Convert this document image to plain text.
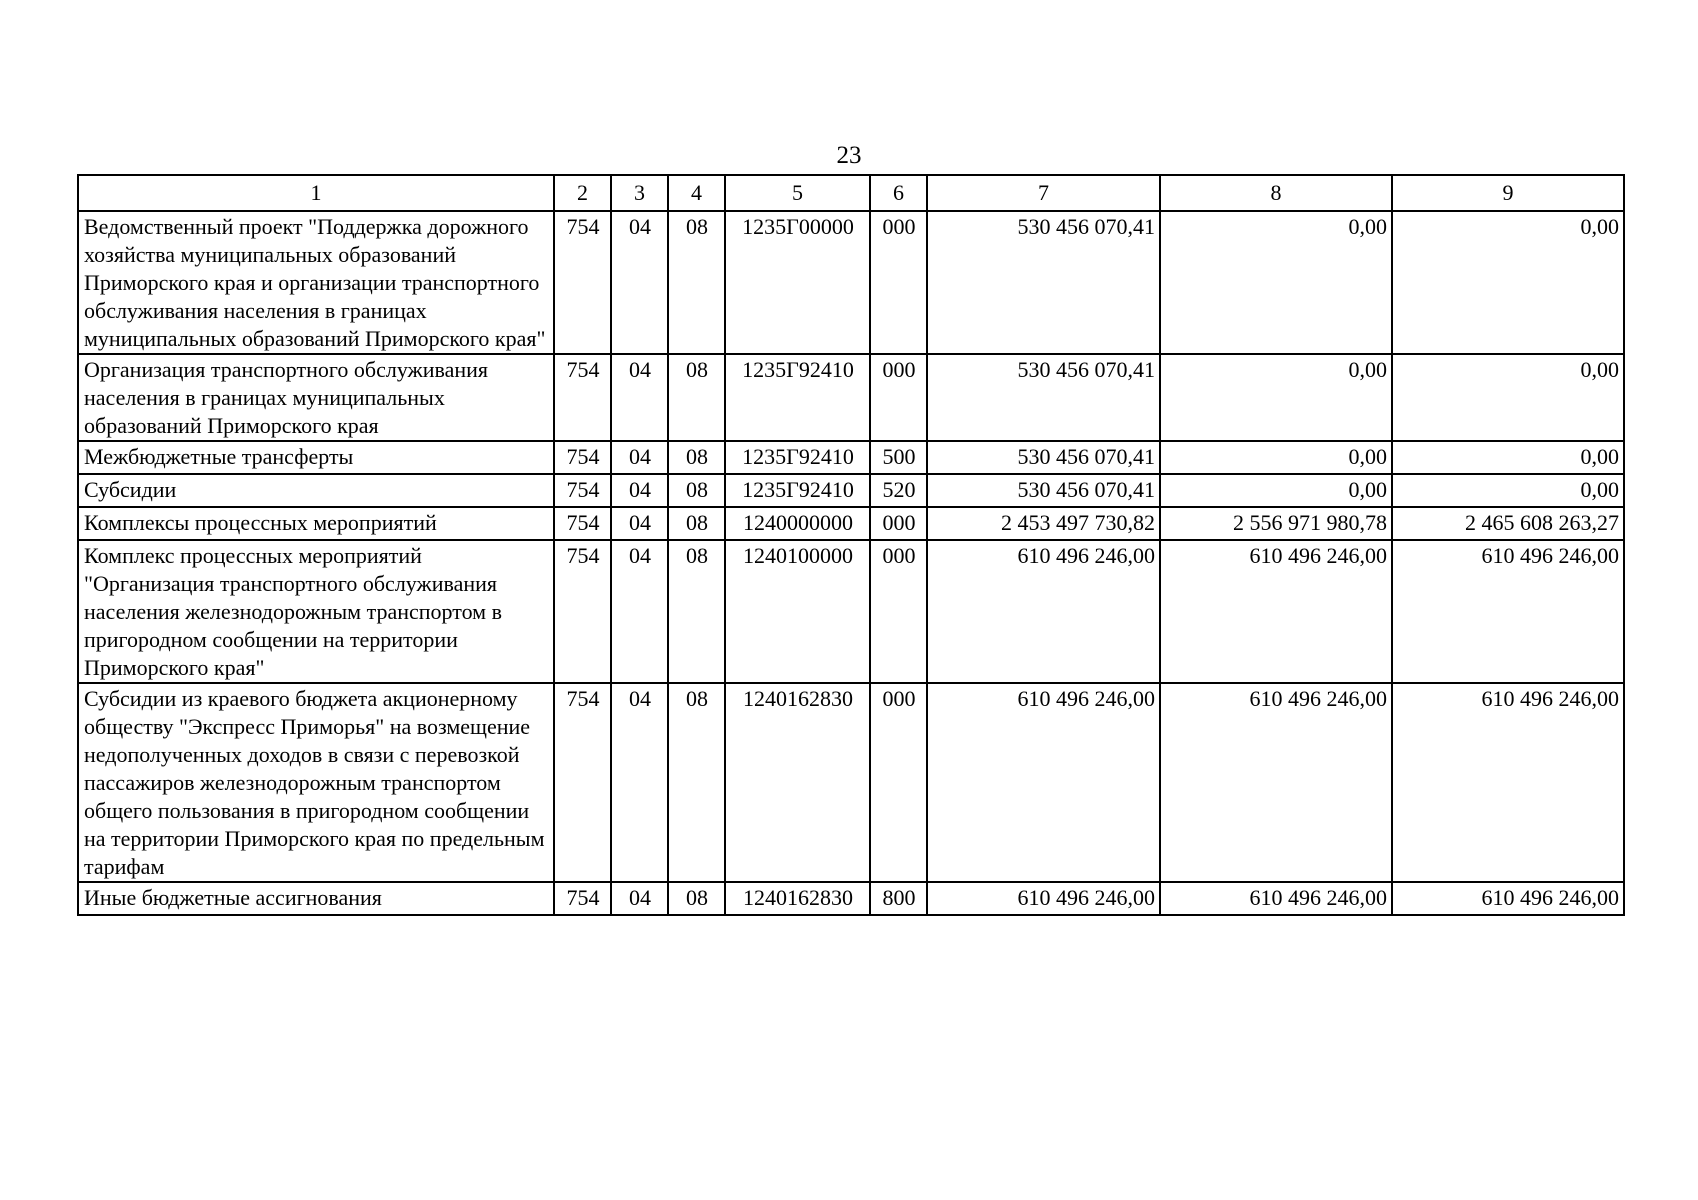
23
1	2	3	4	5	6	7	8	9
Ведомственный проект "Поддержка дорожного хозяйства муниципальных образований Приморского края и организации транспортного обслуживания населения в границах муниципальных образований Приморского края"	754	04	08	1235Г00000	000	530 456 070,41	0,00	0,00
Организация транспортного обслуживания населения в границах муниципальных образований Приморского края	754	04	08	1235Г92410	000	530 456 070,41	0,00	0,00
Межбюджетные трансферты	754	04	08	1235Г92410	500	530 456 070,41	0,00	0,00
Субсидии	754	04	08	1235Г92410	520	530 456 070,41	0,00	0,00
Комплексы процессных мероприятий	754	04	08	1240000000	000	2 453 497 730,82	2 556 971 980,78	2 465 608 263,27
Комплекс процессных мероприятий "Организация транспортного обслуживания населения железнодорожным транспортом в пригородном сообщении на территории Приморского края"	754	04	08	1240100000	000	610 496 246,00	610 496 246,00	610 496 246,00
Субсидии из краевого бюджета акционерному обществу "Экспресс Приморья" на возмещение недополученных доходов в связи с перевозкой пассажиров железнодорожным транспортом общего пользования в пригородном сообщении на территории Приморского края по предельным тарифам	754	04	08	1240162830	000	610 496 246,00	610 496 246,00	610 496 246,00
Иные бюджетные ассигнования	754	04	08	1240162830	800	610 496 246,00	610 496 246,00	610 496 246,00
